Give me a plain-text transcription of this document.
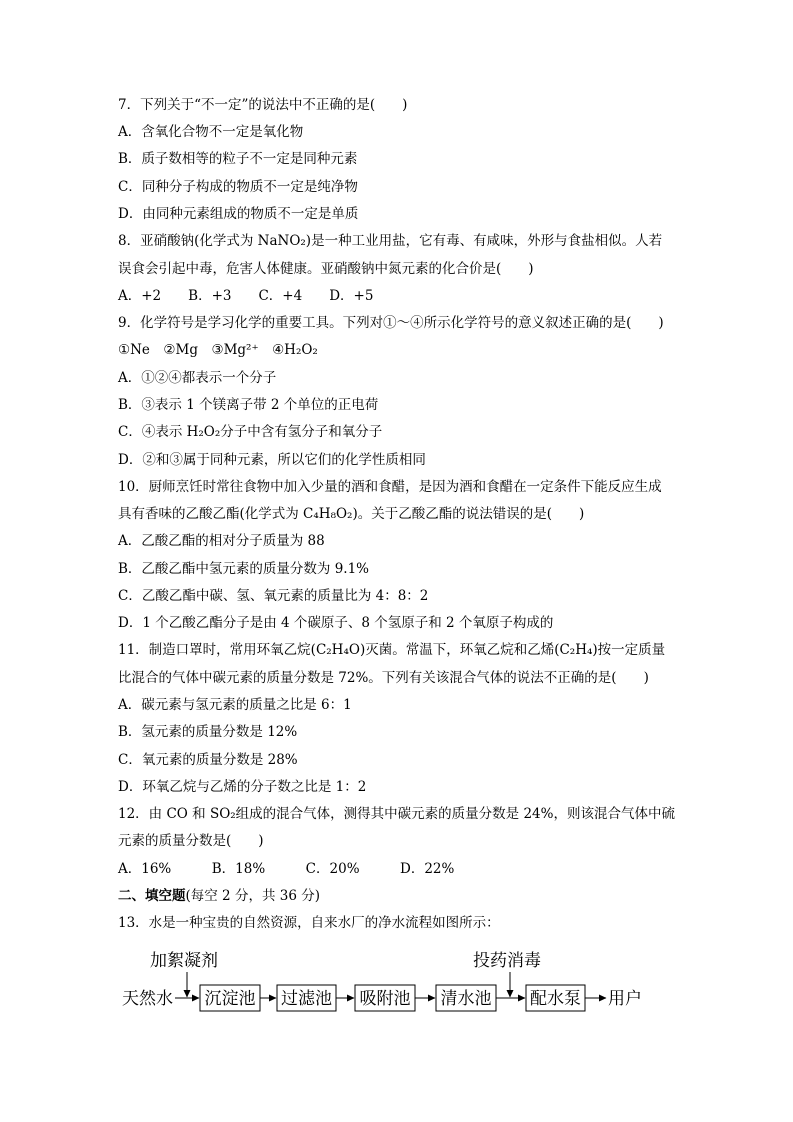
7．下列关于“不一定”的说法中不正确的是(　　)
A．含氧化合物不一定是氧化物
B．质子数相等的粒子不一定是同种元素
C．同种分子构成的物质不一定是纯净物
D．由同种元素组成的物质不一定是单质
8．亚硝酸钠(化学式为 NaNO₂)是一种工业用盐，它有毒、有咸味，外形与食盐相似。人若
误食会引起中毒，危害人体健康。亚硝酸钠中氮元素的化合价是(　　)
A．+2　　B．+3　　C．+4　　D．+5
9．化学符号是学习化学的重要工具。下列对①～④所示化学符号的意义叙述正确的是(　　)
①Ne　②Mg　③Mg²⁺　④H₂O₂
A．①②④都表示一个分子
B．③表示 1 个镁离子带 2 个单位的正电荷
C．④表示 H₂O₂分子中含有氢分子和氧分子
D．②和③属于同种元素，所以它们的化学性质相同
10．厨师烹饪时常往食物中加入少量的酒和食醋，是因为酒和食醋在一定条件下能反应生成
具有香味的乙酸乙酯(化学式为 C₄H₈O₂)。关于乙酸乙酯的说法错误的是(　　)
A．乙酸乙酯的相对分子质量为 88
B．乙酸乙酯中氢元素的质量分数为 9.1%
C．乙酸乙酯中碳、氢、氧元素的质量比为 4：8：2
D．1 个乙酸乙酯分子是由 4 个碳原子、8 个氢原子和 2 个氧原子构成的
11．制造口罩时，常用环氧乙烷(C₂H₄O)灭菌。常温下，环氧乙烷和乙烯(C₂H₄)按一定质量
比混合的气体中碳元素的质量分数是 72%。下列有关该混合气体的说法不正确的是(　　)
A．碳元素与氢元素的质量之比是 6：1
B．氢元素的质量分数是 12%
C．氧元素的质量分数是 28%
D．环氧乙烷与乙烯的分子数之比是 1：2
12．由 CO 和 SO₂组成的混合气体，测得其中碳元素的质量分数是 24%，则该混合气体中硫
元素的质量分数是(　　)
A．16%　　　B．18%　　　C．20%　　　D．22%
二、填空题(每空 2 分，共 36 分)
13．水是一种宝贵的自然资源，自来水厂的净水流程如图所示：
天然水 沉淀池 过滤池 吸附池 清水池 配水泵 用户
加絮凝剂	投药消毒
